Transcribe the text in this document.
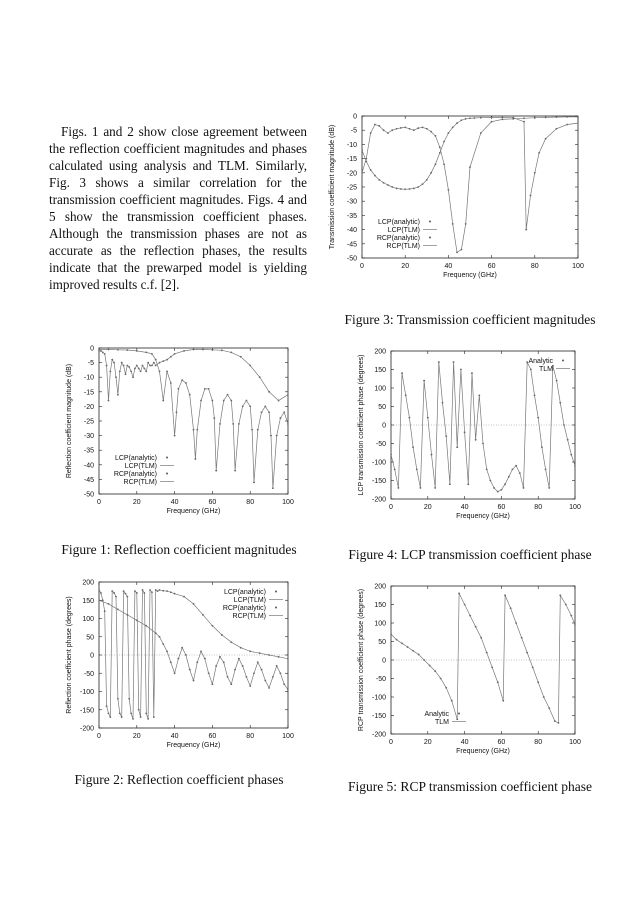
Figs. 1 and 2 show close agreement between the reflection coefficient magnitudes and phases calculated using analysis and TLM. Similarly, Fig. 3 shows a similar correlation for the transmission coefficient magnitudes. Figs. 4 and 5 show the transmission coefficient phases. Although the transmission phases are not as accurate as the reflection phases, the results indicate that the prewarped model is yielding improved results c.f. [2].

0
-5
-10
-15
-20
-25
-30
-35
-40
-45
-50
0	20	40	60	80	100
Frequency (GHz)
Transmission coefficient magnitude (dB)	LCP(analytic)
LCP(TLM)
RCP(analytic)
RCP(TLM)
Figure 3: Transmission coefficient magnitudes
0
-5
-10
-15
-20
-25
-30
-35
-40
-45
-50
0	20	40	60	80	100
Frequency (GHz)
Reflection coefficient magnitude (dB)	LCP(analytic)
LCP(TLM)
RCP(analytic)
RCP(TLM)
Figure 1: Reflection coefficient magnitudes
200
150
100
50
0
-50
-100
-150
-200
0	20	40	60	80	100
Frequency (GHz)
LCP transmission coefficient phase (degrees)	Analytic
TLM
Figure 4: LCP transmission coefficient phase
200
150
100
50
0
-50
-100
-150
-200
0	20	40	60	80	100
Frequency (GHz)
Reflection coefficient phase (degrees)
LCP(analytic)
LCP(TLM)
RCP(analytic)
RCP(TLM)
Figure 2: Reflection coefficient phases
200
150
100
50
0
-50
-100
-150
-200
0	20	40	60	80	100
Frequency (GHz)
RCP transmission coefficient phase (degrees)	Analytic
TLM
Figure 5: RCP transmission coefficient phase
